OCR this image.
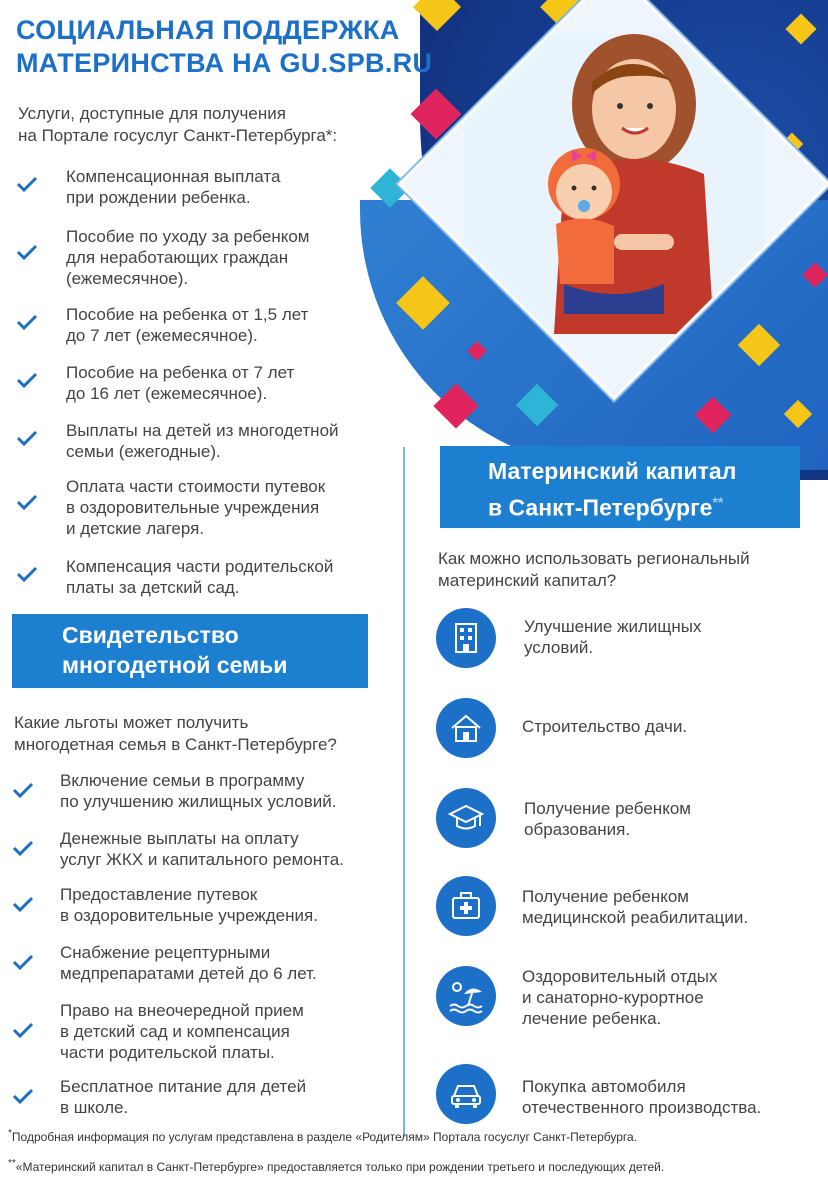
СОЦИАЛЬНАЯ ПОДДЕРЖКА
МАТЕРИНСТВА НА GU.SPB.RU
Услуги, доступные для получения
на Портале госуслуг Санкт-Петербурга*:
Компенсационная выплата
при рождении ребенка.
Пособие по уходу за ребенком
для неработающих граждан
(ежемесячное).
Пособие на ребенка от 1,5 лет
до 7 лет (ежемесячное).
Пособие на ребенка от 7 лет
до 16 лет (ежемесячное).
Выплаты на детей из многодетной
семьи (ежегодные).
Оплата части стоимости путевок
в оздоровительные учреждения
и детские лагеря.
Компенсация части родительской
платы за детский сад.
Свидетельство
многодетной семьи
Какие льготы может получить
многодетная семья в Санкт-Петербурге?
Включение семьи в программу
по улучшению жилищных условий.
Денежные выплаты на оплату
услуг ЖКХ и капитального ремонта.
Предоставление путевок
в оздоровительные учреждения.
Снабжение рецептурными
медпрепаратами детей до 6 лет.
Право на внеочередной прием
в детский сад и компенсация
части родительской платы.
Бесплатное питание для детей
в школе.
Материнский капитал
в Санкт-Петербурге**
Как можно использовать региональный
материнский капитал?
Улучшение жилищных
условий.
Строительство дачи.
Получение ребенком
образования.
Получение ребенком
медицинской реабилитации.
Оздоровительный отдых
и санаторно-курортное
лечение ребенка.
Покупка автомобиля
отечественного производства.
*Подробная информация по услугам представлена в разделе «Родителям» Портала госуслуг Санкт-Петербурга.
**«Материнский капитал в Санкт-Петербурге» предоставляется только при рождении третьего и последующих детей.
